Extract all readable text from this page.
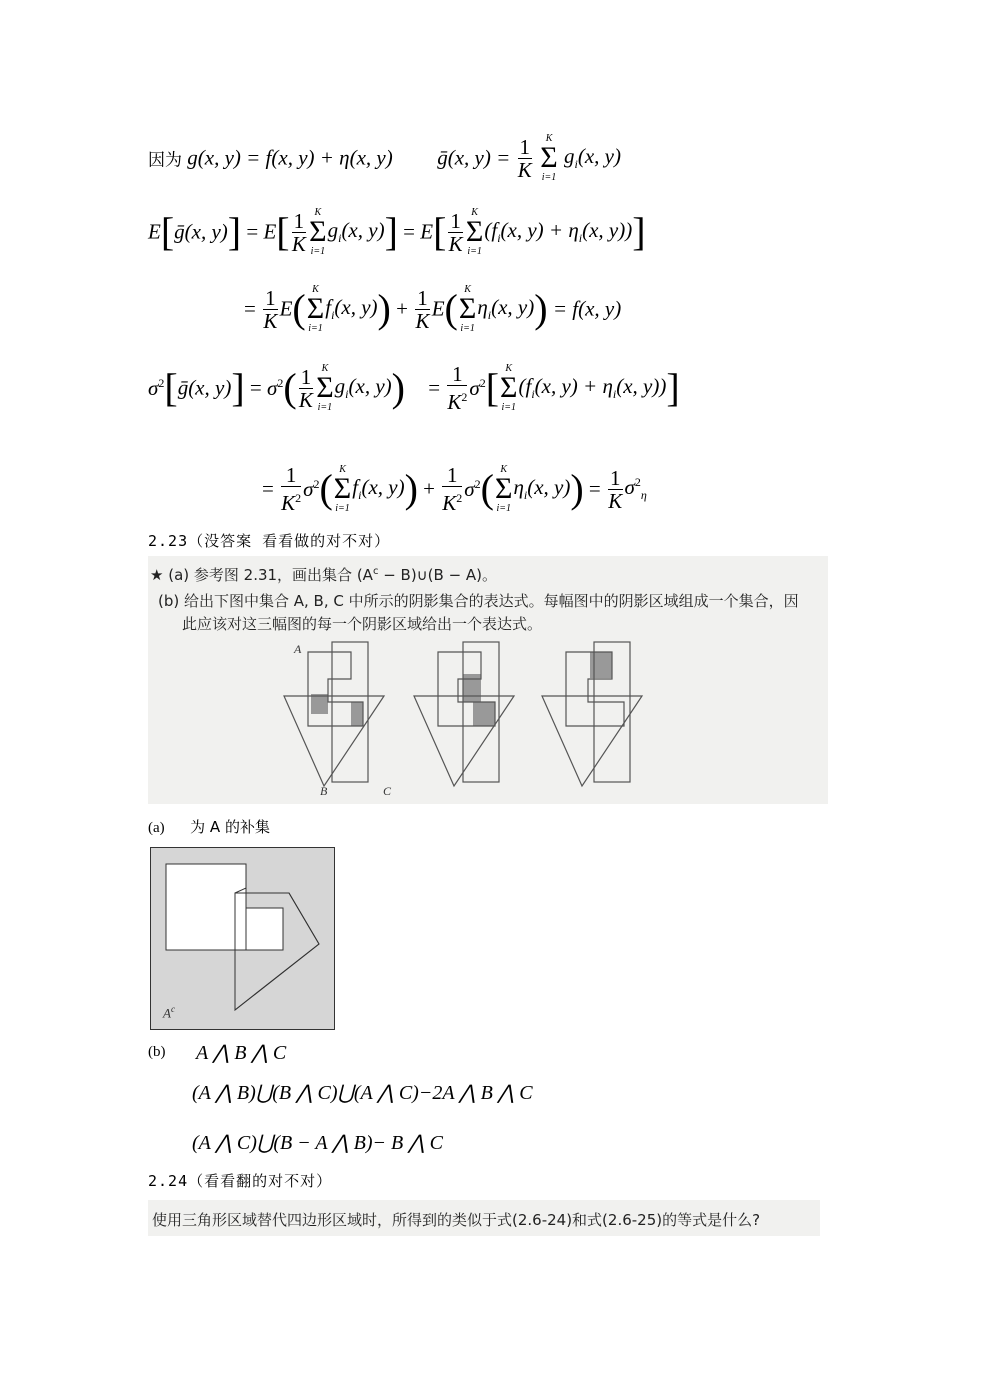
因为 g(x, y) = f(x, y) + η(x, y) ḡ(x, $y) = \frac{1}{K}$
	K
Σ
i=1
$g_i(x$, y)
E[ḡ(x, $y)] = E[ \frac{1}{K}$ K
Σ
i=1
$g_i(x$, $y)] = E[ \frac{1}{K}$ K
Σ
i=1
($f_i(x$, $y) + \eta_i(x$, y))]
= $\frac{1}{K} E$( K
Σ
i=1
$f_i(x$, $y)) + \frac{1}{K} E$( K
Σ
i=1
$\eta_i(x$, y)) = f(x, y)
$\sigma^2[ḡ(x$, $y)] = \sigma^2( \frac{1}{K}$ K
Σ
i=1
$g_i(x$, $y)) = \frac{1}{K^2} \sigma^2$[ K
Σ
i=1
($f_i(x$, $y) + \eta_i(x$, y))]
= $\frac{1}{K^2} \sigma^2$( K
Σ
i=1
$f_i(x$, $y)) + \frac{1}{K^2} \sigma^2$( K
Σ
i=1
$\eta_i(x$, $y)) = \frac{1}{K} \sigma^2_\eta$
2.23（没答案 看看做的对不对）
★ (a) 参考图 2.31，画出集合 ($A^c$ − B)∪(B − A)。
(b) 给出下图中集合 A, B, C 中所示的阴影集合的表达式。每幅图中的阴影区域组成一个集合，因
此应该对这三幅图的每一个阴影区域给出一个表达式。
A
B	C
(a) 为 A 的补集
$A^c$
(b) A ⋀ B ⋀ C
(A ⋀ B)⋃(B ⋀ C)⋃(A ⋀ C)−2A ⋀ B ⋀ C
(A ⋀ C)⋃(B − A ⋀ B)− B ⋀ C
2.24（看看翻的对不对）
使用三角形区域替代四边形区域时，所得到的类似于式(2.6-24)和式(2.6-25)的等式是什么?
